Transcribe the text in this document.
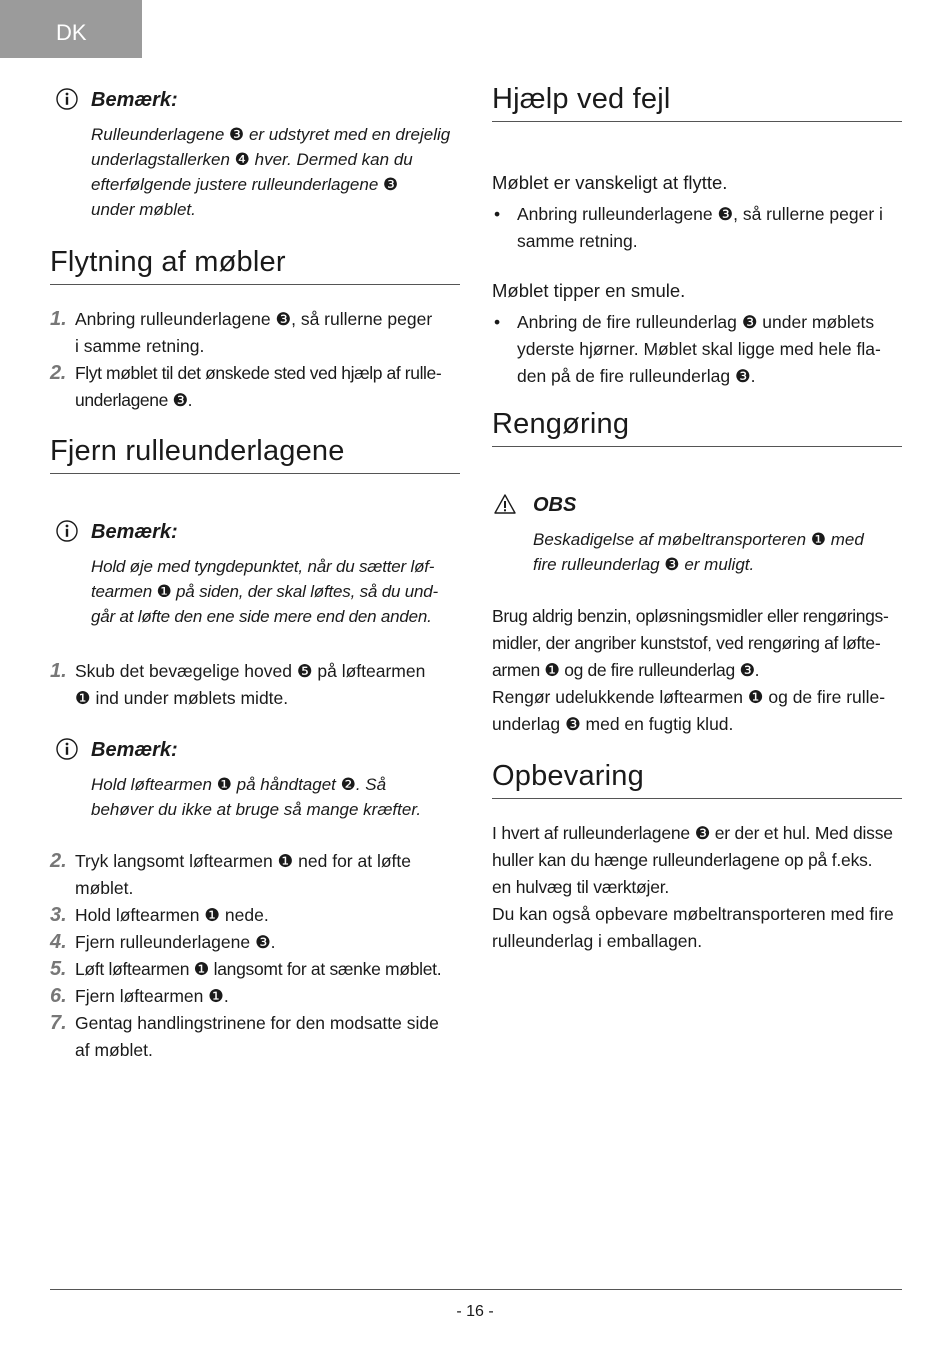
DK
Bemærk:
Rulleunderlagene ❸ er udstyret med en drejelig
underlagstallerken ❹ hver. Dermed kan du
efterfølgende justere rulleunderlagene ❸
under møblet.
Flytning af møbler
1. Anbring rulleunderlagene ❸, så rullerne peger
i samme retning.
2. Flyt møblet til det ønskede sted ved hjælp af rulle-
underlagene ❸.
Fjern rulleunderlagene
Bemærk:
Hold øje med tyngdepunktet, når du sætter løf-
tearmen ❶ på siden, der skal løftes, så du und-
går at løfte den ene side mere end den anden.
1. Skub det bevægelige hoved ❺ på løftearmen
❶ ind under møblets midte.
Bemærk:
Hold løftearmen ❶ på håndtaget ❷. Så
behøver du ikke at bruge så mange kræfter.
2. Tryk langsomt løftearmen ❶ ned for at løfte
møblet.
3. Hold løftearmen ❶ nede.
4. Fjern rulleunderlagene ❸.
5. Løft løftearmen ❶ langsomt for at sænke møblet.
6. Fjern løftearmen ❶.
7. Gentag handlingstrinene for den modsatte side
af møblet.
Hjælp ved fejl
Møblet er vanskeligt at flytte.
• Anbring rulleunderlagene ❸, så rullerne peger i
samme retning.
Møblet tipper en smule.
• Anbring de fire rulleunderlag ❸ under møblets
yderste hjørner. Møblet skal ligge med hele fla-
den på de fire rulleunderlag ❸.
Rengøring
OBS
Beskadigelse af møbeltransporteren ❶ med
fire rulleunderlag ❸ er muligt.

Brug aldrig benzin, opløsningsmidler eller rengørings-

midler, der angriber kunststof, ved rengøring af løfte-

armen ❶ og de fire rulleunderlag ❸.

Rengør udelukkende løftearmen ❶ og de fire rulle-

underlag ❸ med en fugtig klud.

Opbevaring

I hvert af rulleunderlagene ❸ er der et hul. Med disse

huller kan du hænge rulleunderlagene op på f.eks.

en hulvæg til værktøjer.

Du kan også opbevare møbeltransporteren med fire

rulleunderlag i emballagen.

- 16 -
